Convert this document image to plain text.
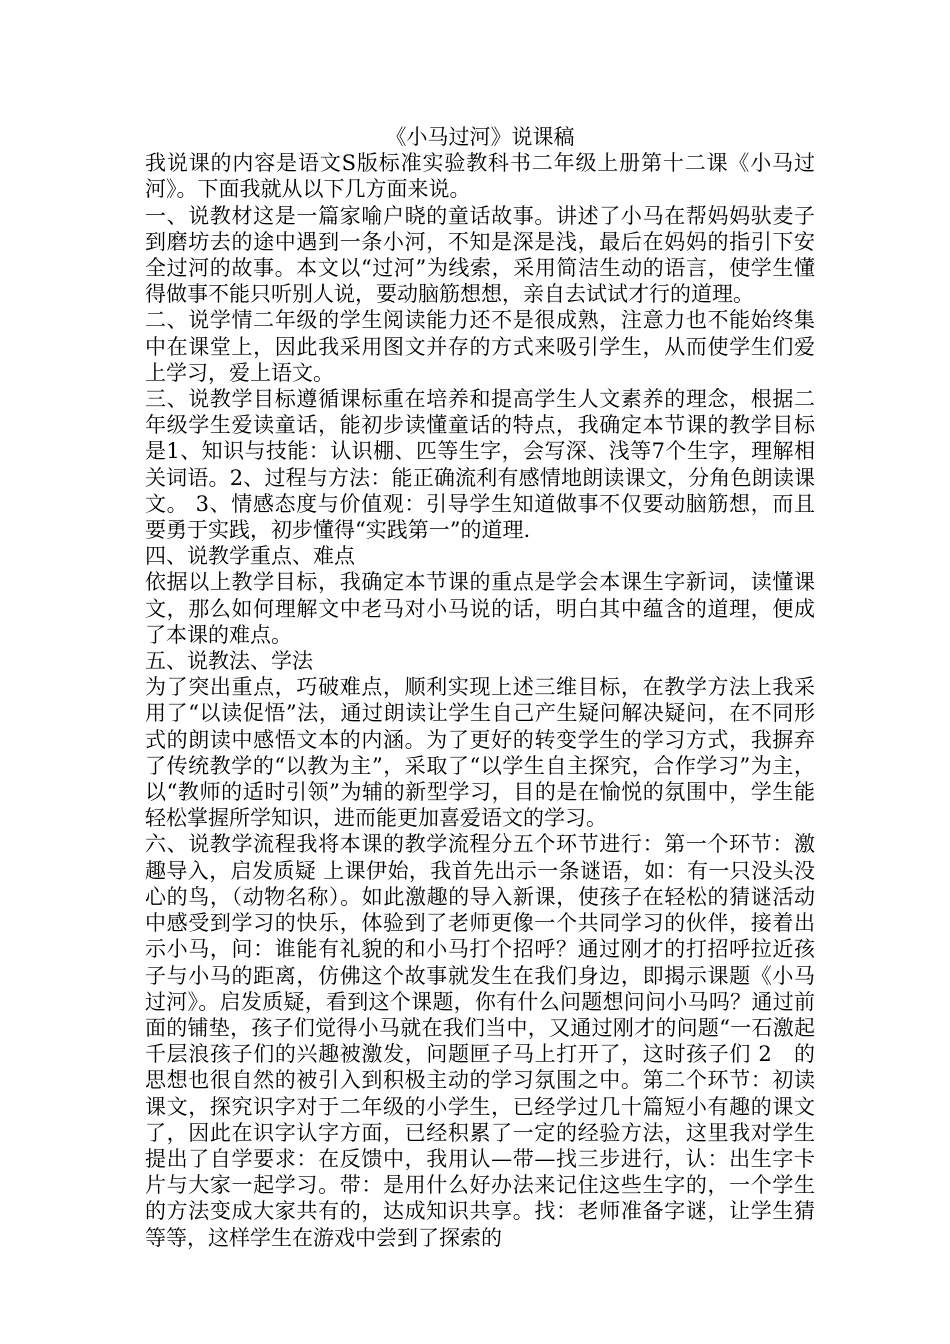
《小马过河》说课稿

我说课的内容是语文S版标准实验教科书二年级上册第十二课《小马过河》。下面我就从以下几方面来说。

一、说教材这是一篇家喻户晓的童话故事。讲述了小马在帮妈妈驮麦子到磨坊去的途中遇到一条小河，不知是深是浅，最后在妈妈的指引下安全过河的故事。本文以“过河”为线索，采用简洁生动的语言，使学生懂得做事不能只听别人说，要动脑筋想想，亲自去试试才行的道理。

二、说学情二年级的学生阅读能力还不是很成熟，注意力也不能始终集中在课堂上，因此我采用图文并存的方式来吸引学生，从而使学生们爱上学习，爱上语文。

三、说教学目标遵循课标重在培养和提高学生人文素养的理念，根据二年级学生爱读童话，能初步读懂童话的特点，我确定本节课的教学目标是1、知识与技能：认识棚、匹等生字，会写深、浅等7个生字，理解相关词语。2、过程与方法：能正确流利有感情地朗读课文，分角色朗读课文。 3、情感态度与价值观：引导学生知道做事不仅要动脑筋想，而且要勇于实践，初步懂得“实践第一”的道理.

四、说教学重点、难点

依据以上教学目标，我确定本节课的重点是学会本课生字新词，读懂课文，那么如何理解文中老马对小马说的话，明白其中蕴含的道理，便成了本课的难点。

五、说教法、学法

为了突出重点，巧破难点，顺利实现上述三维目标，在教学方法上我采用了“以读促悟”法，通过朗读让学生自己产生疑问解决疑问，在不同形式的朗读中感悟文本的内涵。为了更好的转变学生的学习方式，我摒弃了传统教学的“以教为主”，采取了“以学生自主探究，合作学习”为主，以“教师的适时引领”为辅的新型学习，目的是在愉悦的氛围中，学生能轻松掌握所学知识，进而能更加喜爱语文的学习。

六、说教学流程我将本课的教学流程分五个环节进行：第一个环节：激趣导入，启发质疑 上课伊始，我首先出示一条谜语，如：有一只没头没心的鸟，（动物名称）。如此激趣的导入新课，使孩子在轻松的猜谜活动中感受到学习的快乐，体验到了老师更像一个共同学习的伙伴，接着出示小马，问：谁能有礼貌的和小马打个招呼？通过刚才的打招呼拉近孩子与小马的距离，仿佛这个故事就发生在我们身边，即揭示课题《小马过河》。启发质疑，看到这个课题，你有什么问题想问问小马吗？通过前面的铺垫，孩子们觉得小马就在我们当中，又通过刚才的问题“一石激起千层浪孩子们的兴趣被激发，问题匣子马上打开了，这时孩子们 2　的思想也很自然的被引入到积极主动的学习氛围之中。第二个环节：初读课文，探究识字对于二年级的小学生，已经学过几十篇短小有趣的课文了，因此在识字认字方面，已经积累了一定的经验方法，这里我对学生提出了自学要求：在反馈中，我用认—带—找三步进行，认：出生字卡片与大家一起学习。带：是用什么好办法来记住这些生字的，一个学生的方法变成大家共有的，达成知识共享。找：老师准备字谜，让学生猜等等，这样学生在游戏中尝到了探索的
